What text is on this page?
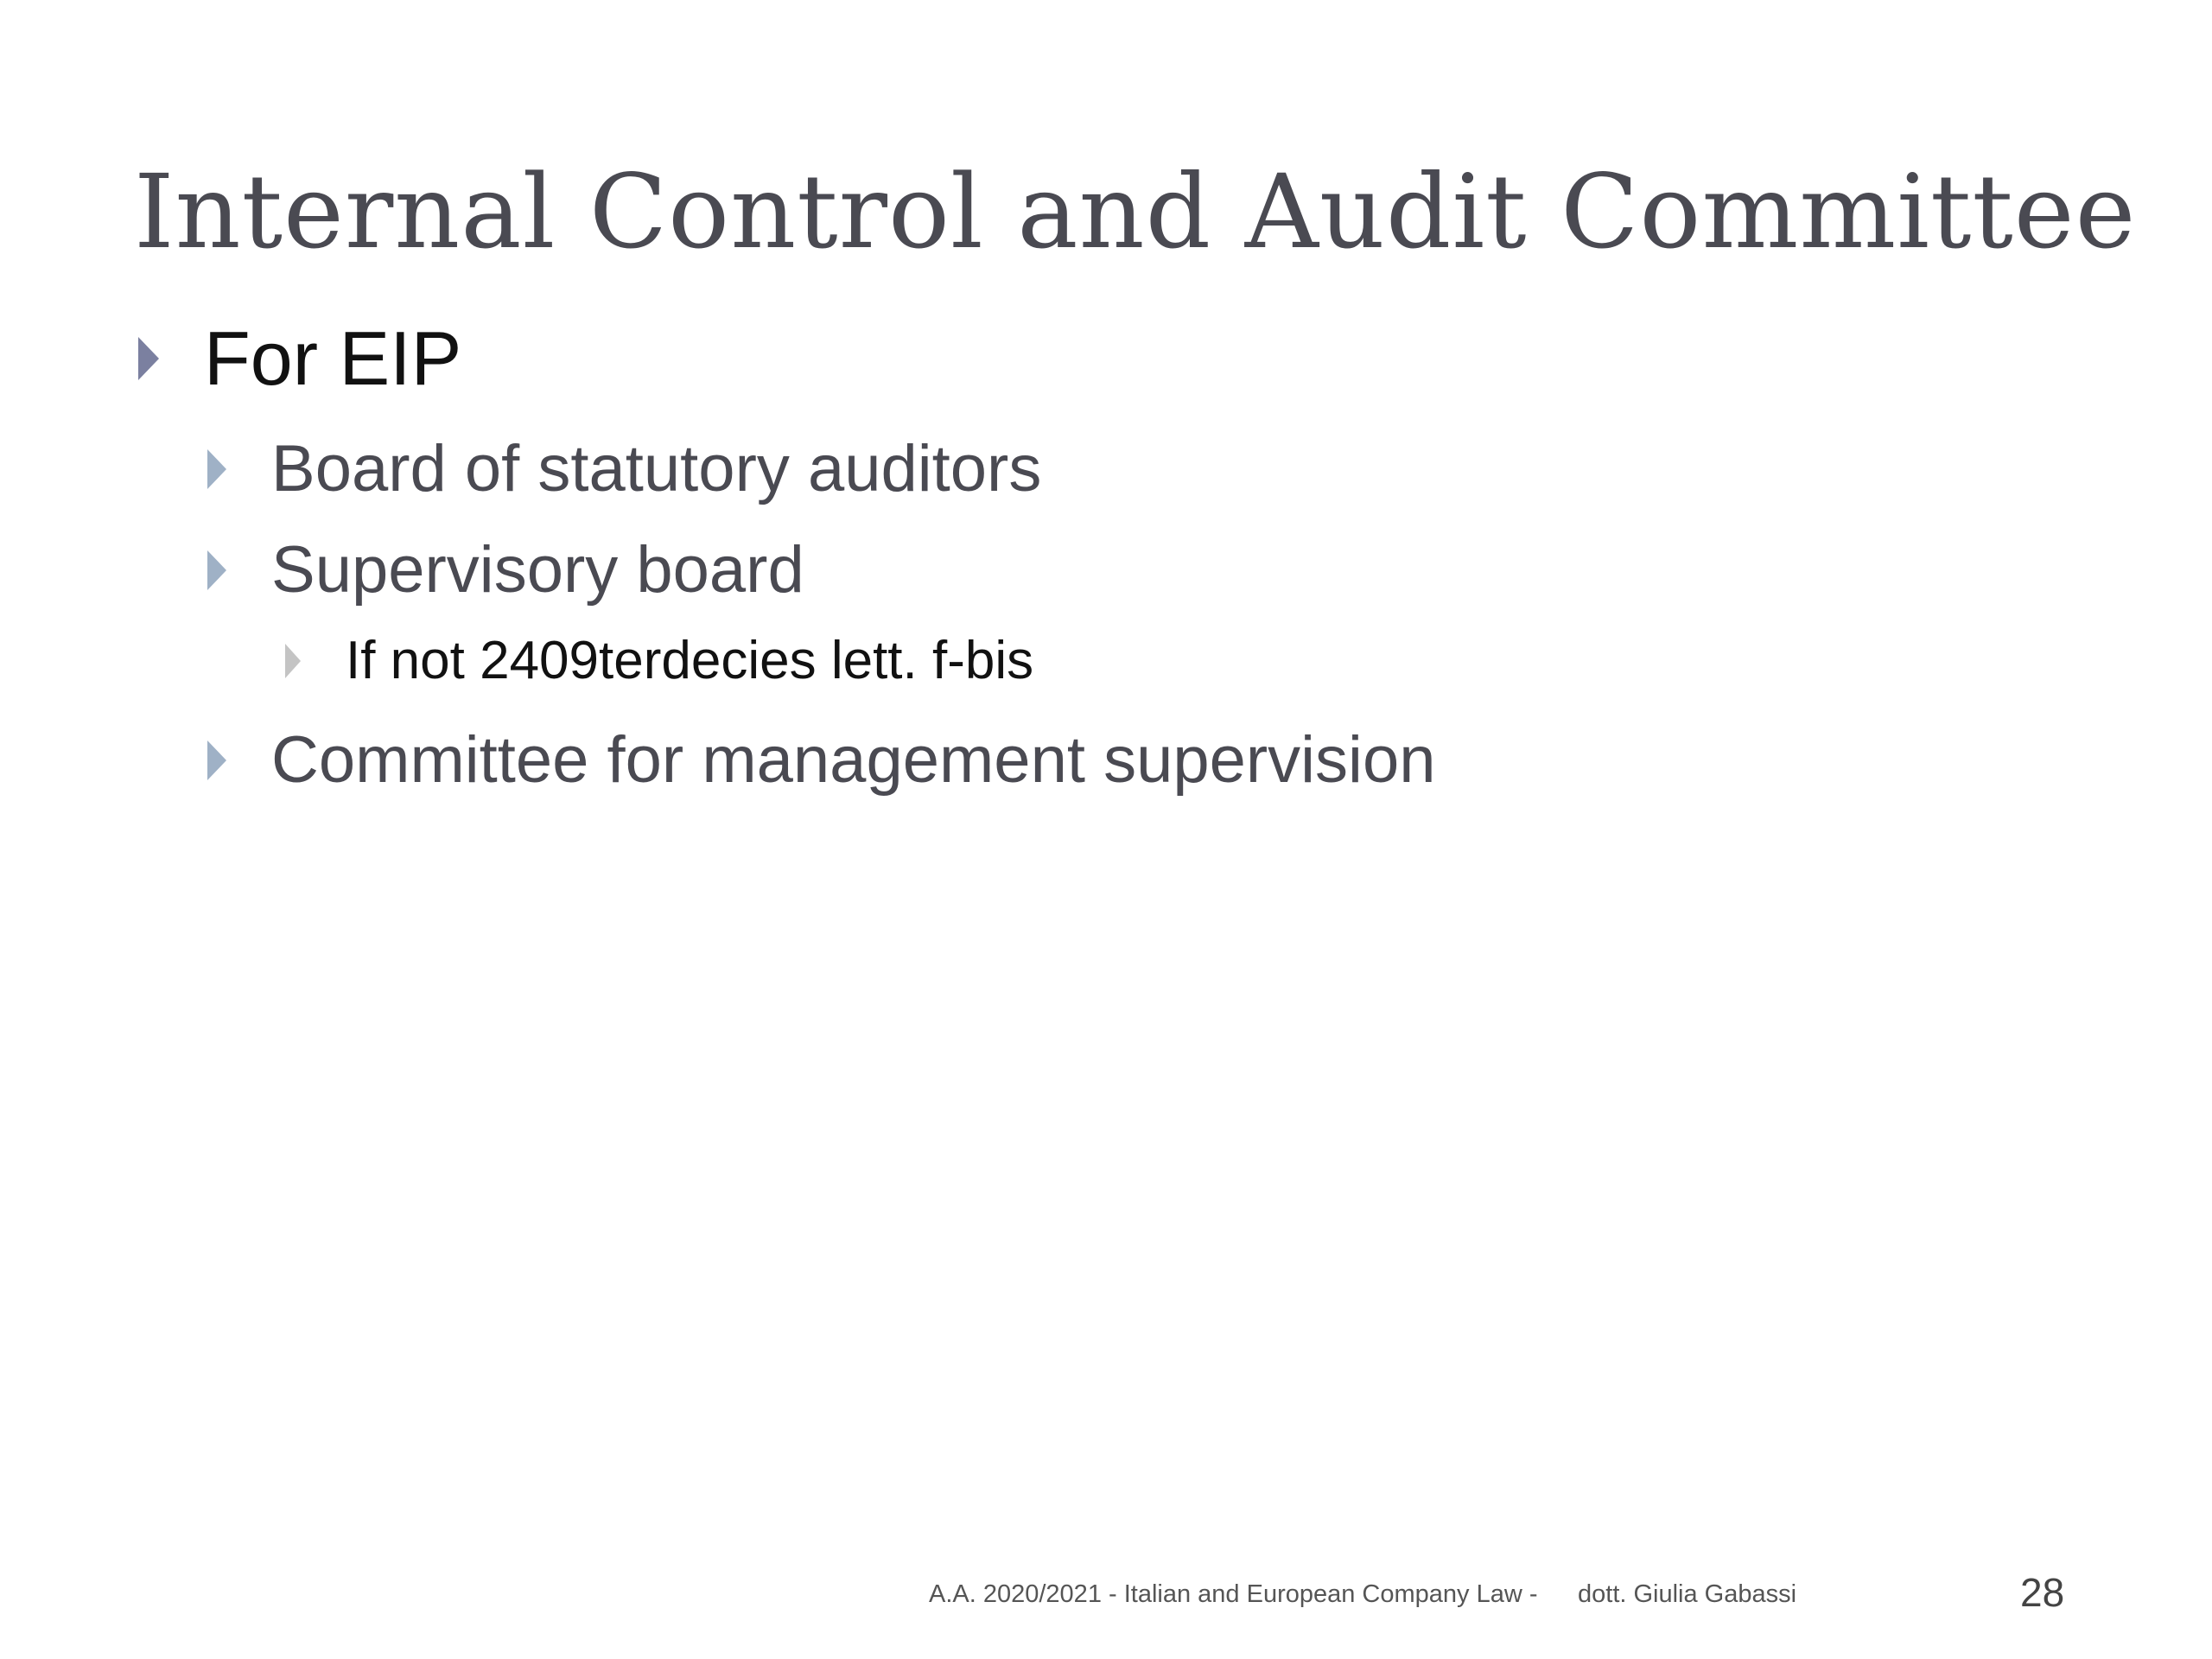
Internal Control and Audit Committee
For EIP
Board of statutory auditors
Supervisory board
If not 2409terdecies lett. f-bis
Committee for management supervision
A.A. 2020/2021 - Italian and European Company Law - dott. Giulia Gabassi	28
